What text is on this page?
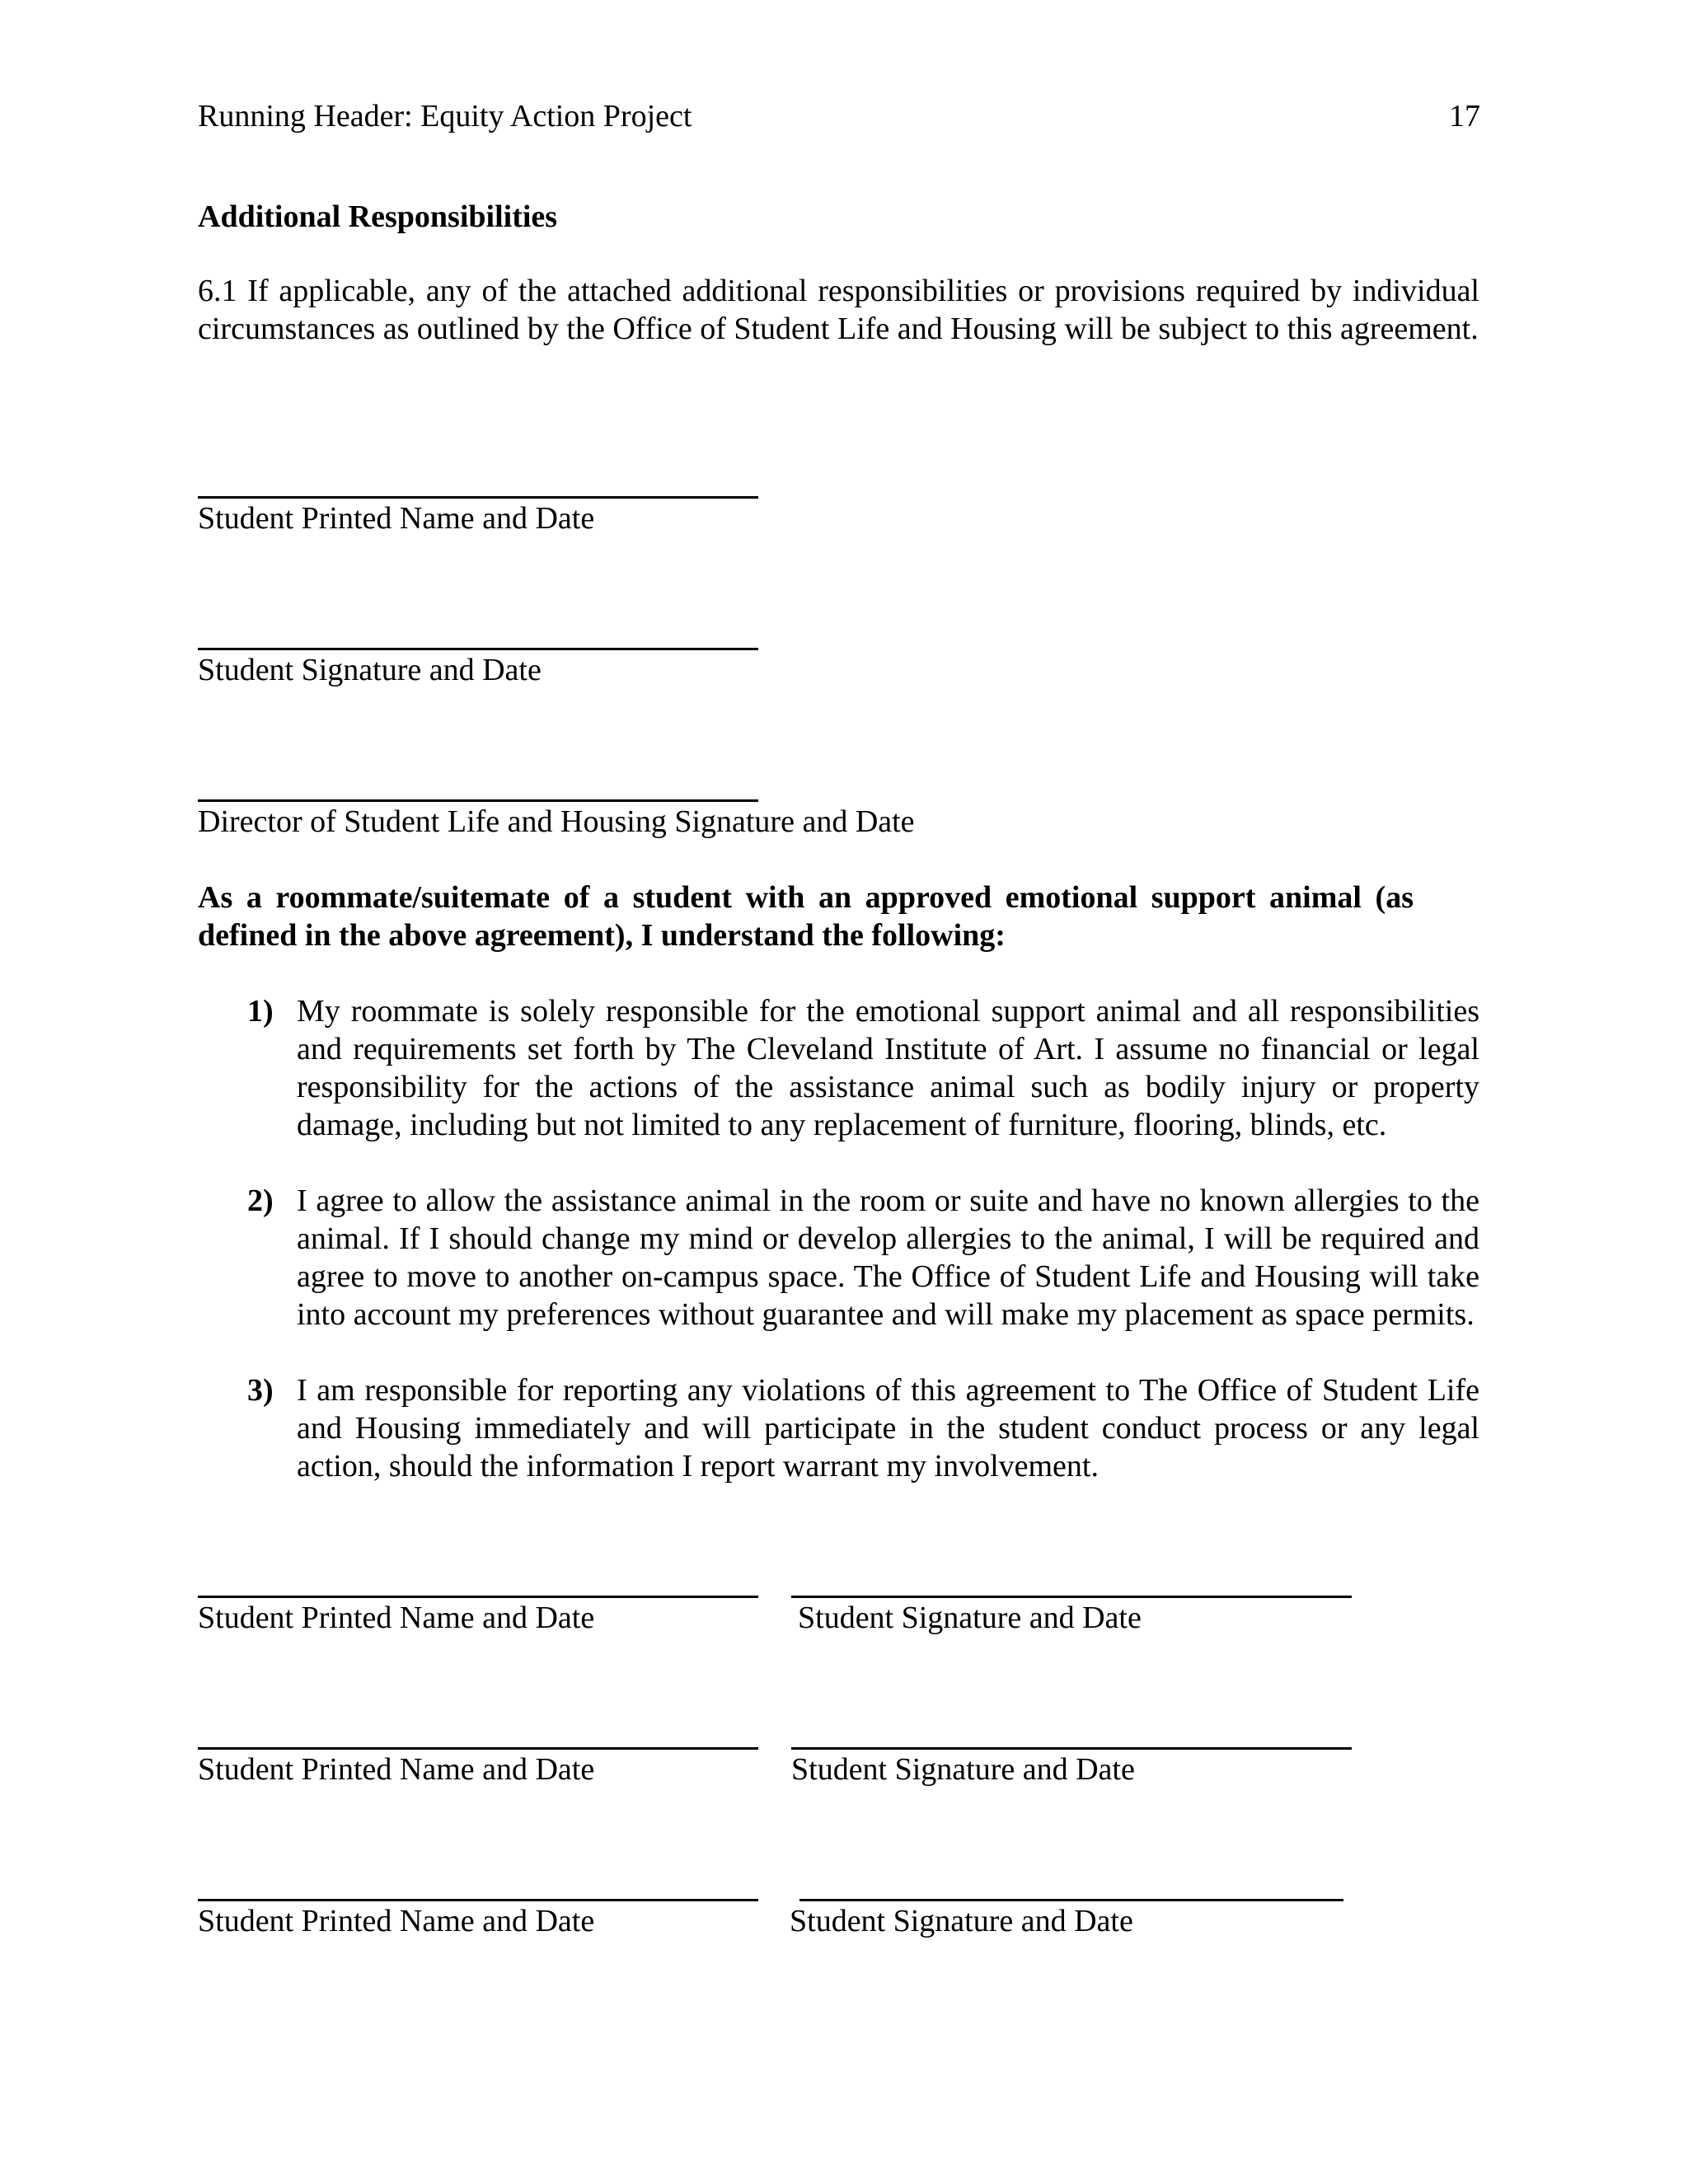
Running Header: Equity Action Project	17
Additional Responsibilities
6.1 If applicable, any of the attached additional responsibilities or provisions required by individual circumstances as outlined by the Office of Student Life and Housing will be subject to this agreement.
Student Printed Name and Date
Student Signature and Date
Director of Student Life and Housing Signature and Date
As a roommate/suitemate of a student with an approved emotional support animal (as defined in the above agreement), I understand the following:
1) My roommate is solely responsible for the emotional support animal and all responsibilities and requirements set forth by The Cleveland Institute of Art. I assume no financial or legal responsibility for the actions of the assistance animal such as bodily injury or property damage, including but not limited to any replacement of furniture, flooring, blinds, etc.
2) I agree to allow the assistance animal in the room or suite and have no known allergies to the animal. If I should change my mind or develop allergies to the animal, I will be required and agree to move to another on-campus space. The Office of Student Life and Housing will take into account my preferences without guarantee and will make my placement as space permits.
3) I am responsible for reporting any violations of this agreement to The Office of Student Life and Housing immediately and will participate in the student conduct process or any legal action, should the information I report warrant my involvement.
Student Printed Name and Date	Student Signature and Date
Student Printed Name and Date	Student Signature and Date
Student Printed Name and Date	Student Signature and Date
